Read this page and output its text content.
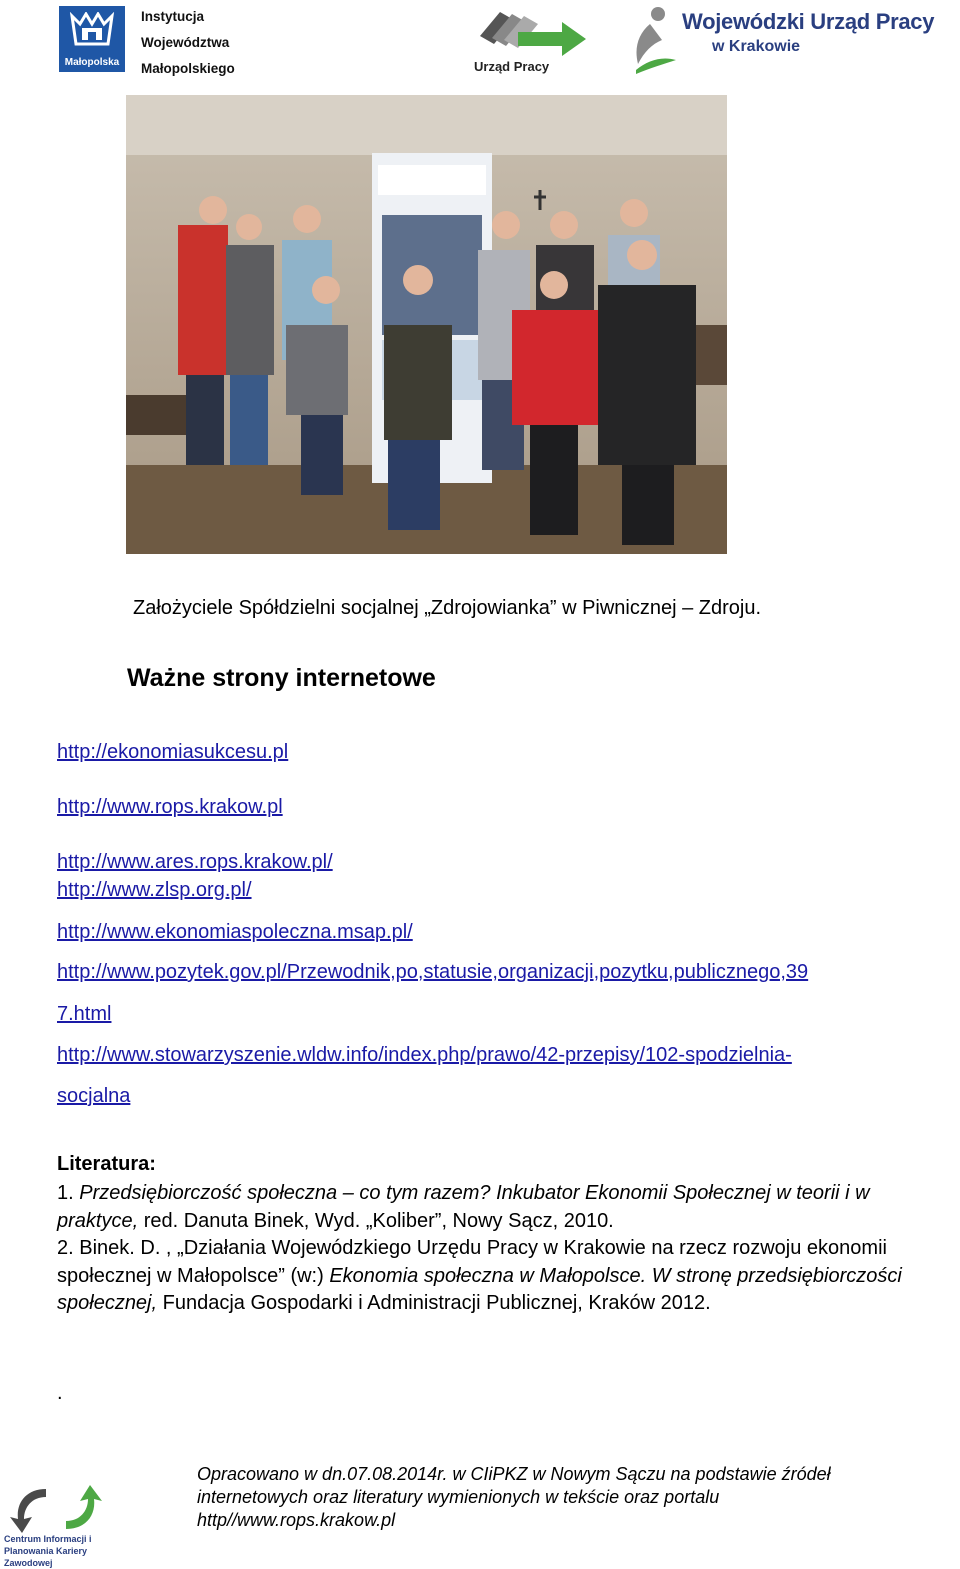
Małopolska
Instytucja
Województwa
Małopolskiego	Urząd Pracy
Wojewódzki Urząd Pracy
w Krakowie
Założyciele Spółdzielni socjalnej „Zdrojowianka” w Piwnicznej – Zdroju.
Ważne strony internetowe
http://ekonomiasukcesu.pl
http://www.rops.krakow.pl
http://www.ares.rops.krakow.pl/
http://www.zlsp.org.pl/
http://www.ekonomiaspoleczna.msap.pl/
http://www.pozytek.gov.pl/Przewodnik,po,statusie,organizacji,pozytku,publicznego,39
7.html
http://www.stowarzyszenie.wldw.info/index.php/prawo/42-przepisy/102-spodzielnia-
socjalna
Literatura:

1. Przedsiębiorczość społeczna – co tym razem? Inkubator Ekonomii Społecznej w teorii i w praktyce, red. Danuta Binek, Wyd. „Koliber”, Nowy Sącz, 2010.

2. Binek. D. , „Działania Wojewódzkiego Urzędu Pracy w Krakowie na rzecz rozwoju ekonomii społecznej w Małopolsce” (w:) Ekonomia społeczna w Małopolsce. W stronę przedsiębiorczości społecznej, Fundacja Gospodarki i Administracji Publicznej, Kraków 2012.

.
Centrum Informacji i Planowania Kariery Zawodowej

Opracowano w dn.07.08.2014r. w CIiPKZ w Nowym Sączu na podstawie źródeł

internetowych oraz literatury wymienionych w tekście oraz portalu

http//www.rops.krakow.pl
